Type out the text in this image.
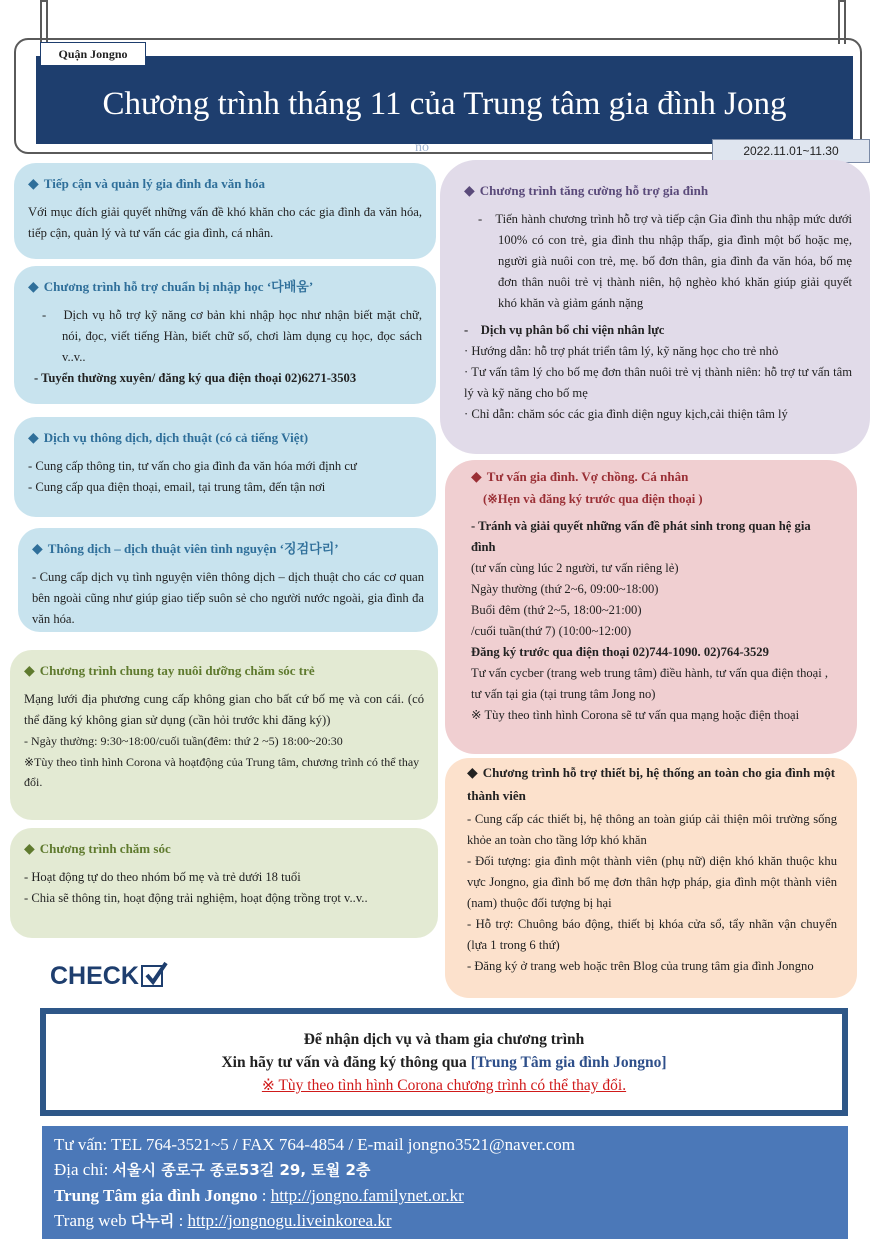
Quận Jongno
Chương trình tháng 11 của Trung tâm gia đình Jong
no	2022.11.01~11.30
◆ Tiếp cận và quản lý gia đình đa văn hóa
Với mục đích giải quyết những vấn đề khó khăn cho các gia đình đa văn hóa, tiếp cận, quản lý và tư vấn các gia đình, cá nhân.
◆ Chương trình hỗ trợ chuẩn bị nhập học ‘다배움’
-    Dịch vụ hỗ trợ kỹ năng cơ bản khi nhập học như nhận biết mặt chữ, nói, đọc, viết tiếng Hàn, biết chữ số, chơi làm dụng cụ học, đọc sách v..v..
- Tuyển thường xuyên/ đăng ký qua điện thoại 02)6271-3503
◆ Dịch vụ thông dịch, dịch thuật (có cả tiếng Việt)
- Cung cấp thông tin, tư vấn cho gia đình đa văn hóa mới định cư
- Cung cấp qua điện thoại, email, tại trung tâm, đến tận nơi
◆ Thông dịch – dịch thuật viên tình nguyện ‘징검다리’
- Cung cấp dịch vụ tình nguyện viên thông dịch – dịch thuật cho các cơ quan bên ngoài cũng như giúp giao tiếp suôn sẻ cho người nước ngoài, gia đình đa văn hóa.
◆ Chương trình chung tay nuôi dưỡng chăm sóc trẻ
Mạng lưới địa phương cung cấp không gian cho bất cứ bố mẹ và con cái. (có thể đăng ký không gian sử dụng (cần hỏi trước khi đăng ký))
- Ngày thường: 9:30~18:00/cuối tuần(đêm: thứ 2 ~5) 18:00~20:30
※Tùy theo tình hình Corona và hoạtđộng của Trung tâm, chương trình có thể thay đổi.
◆ Chương trình chăm sóc
- Hoạt động tự do theo nhóm bố mẹ và trẻ dưới 18 tuổi
- Chia sẽ thông tin, hoạt động trải nghiệm, hoạt động trồng trọt v..v..
◆ Chương trình tăng cường hỗ trợ gia đình
-    Tiến hành chương trình hỗ trợ và tiếp cận Gia đình thu nhập mức dưới 100% có con trẻ, gia đình thu nhập thấp, gia đình một bố hoặc mẹ, người già nuôi con trẻ, mẹ. bố đơn thân, gia đình đa văn hóa, bố mẹ đơn thân nuôi trẻ vị thành niên, hộ nghèo khó khăn giúp giải quyết khó khăn và giảm gánh nặng
-    Dịch vụ phân bổ chi viện nhân lực
· Hướng dẫn: hỗ trợ phát triển tâm lý, kỹ năng học cho trẻ nhỏ
· Tư vấn tâm lý cho bố mẹ đơn thân nuôi trẻ vị thành niên: hỗ trợ tư vấn tâm lý và kỹ năng cho bố mẹ
· Chỉ dẫn: chăm sóc các gia đình diện nguy kịch,cải thiện tâm lý
◆ Tư vấn gia đình. Vợ chồng. Cá nhân
(※Hẹn và đăng ký trước qua điện thoại )
- Tránh và giải quyết những vấn đề phát sinh trong quan hệ gia đình
(tư vấn cùng lúc 2 người, tư vấn riêng lẻ)
Ngày thường (thứ 2~6, 09:00~18:00)
Buổi đêm (thứ 2~5, 18:00~21:00)
/cuối tuần(thứ 7) (10:00~12:00)
Đăng ký trước qua điện thoại 02)744-1090. 02)764-3529
Tư vấn cycber (trang web trung tâm) điều hành, tư vấn qua điện thoại , tư vấn tại gia (tại trung tâm Jong no)
※ Tùy theo tình hình Corona sẽ tư vấn qua mạng hoặc điện thoại
◆ Chương trình hỗ trợ thiết bị, hệ thống an toàn cho gia đình một thành viên
- Cung cấp các thiết bị, hệ thông an toàn giúp cải thiện môi trường sống khỏe an toàn cho tầng lớp khó khăn
- Đối tượng: gia đình một thành viên (phụ nữ) diện khó khăn thuộc khu vực Jongno, gia đình bố mẹ đơn thân hợp pháp, gia đình một thành viên (nam) thuộc đối tượng bị hại
- Hỗ trợ: Chuông báo động, thiết bị khóa cửa sổ, tẩy nhãn vận chuyển (lựa 1 trong 6 thứ)
- Đăng ký ở trang web hoặc trên Blog của trung tâm gia đình Jongno
CHECK
Để nhận dịch vụ và tham gia chương trình
Xin hãy tư vấn và đăng ký thông qua [Trung Tâm gia đình Jongno]
※ Tùy theo tình hình Corona chương trình có thể thay đổi.
Tư vấn: TEL 764-3521~5 / FAX 764-4854 / E-mail jongno3521@naver.com
Địa chỉ: 서울시 종로구 종로53길 29, 토월 2층
Trung Tâm gia đình Jongno : http://jongno.familynet.or.kr
Trang web 다누리 : http://jongnogu.liveinkorea.kr
